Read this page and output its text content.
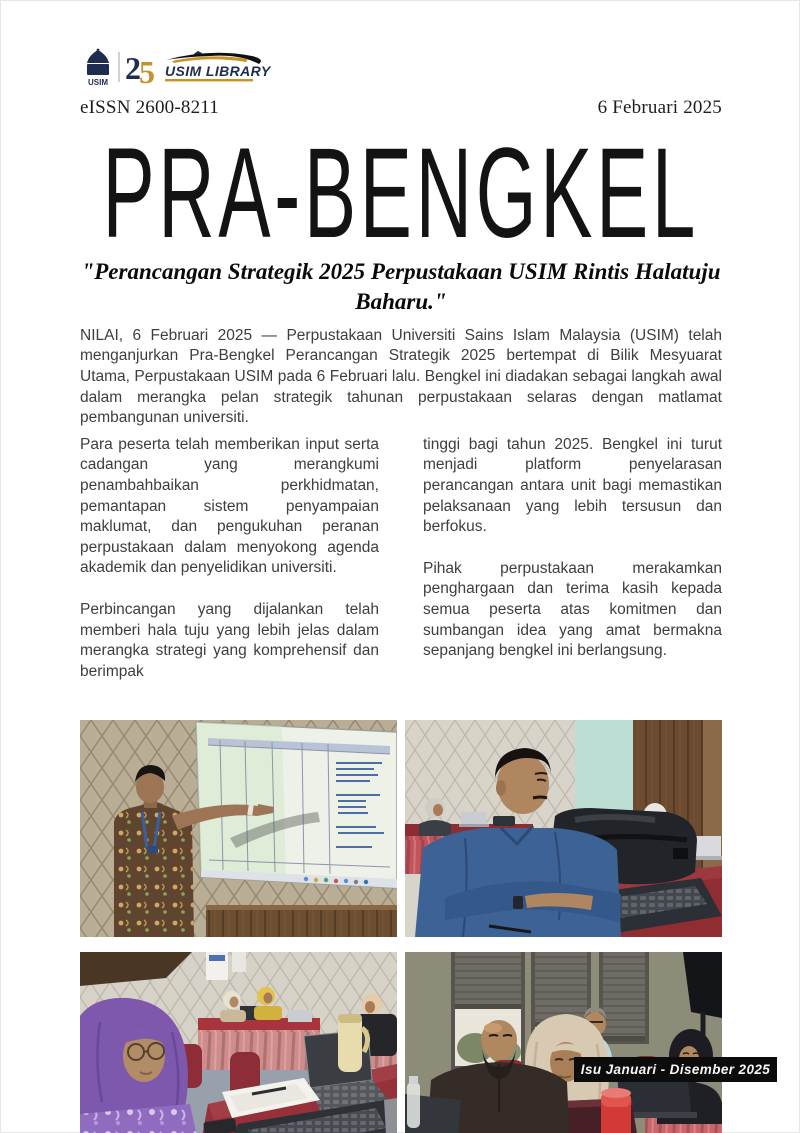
USIM 2
5 USIM LIBRARY
eISSN 2600-8211	6 Februari 2025
PRA-BENGKEL
"Perancangan Strategik 2025 Perpustakaan USIM Rintis Halatuju Baharu."

NILAI, 6 Februari 2025 — Perpustakaan Universiti Sains Islam Malaysia (USIM) telah menganjurkan Pra-Bengkel Perancangan Strategik 2025 bertempat di Bilik Mesyuarat Utama, Perpustakaan USIM pada 6 Februari lalu. Bengkel ini diadakan sebagai langkah awal dalam merangka pelan strategik tahunan perpustakaan selaras dengan matlamat pembangunan universiti.

Para peserta telah memberikan input serta cadangan yang merangkumi penambahbaikan perkhidmatan, pemantapan sistem penyampaian maklumat, dan pengukuhan peranan perpustakaan dalam menyokong agenda akademik dan penyelidikan universiti.

Perbincangan yang dijalankan telah memberi hala tuju yang lebih jelas dalam merangka strategi yang komprehensif dan berimpak

tinggi bagi tahun 2025. Bengkel ini turut menjadi platform penyelarasan perancangan antara unit bagi memastikan pelaksanaan yang lebih tersusun dan berfokus.

Pihak perpustakaan merakamkan penghargaan dan terima kasih kepada semua peserta atas komitmen dan sumbangan idea yang amat bermakna sepanjang bengkel ini berlangsung.

Isu Januari - Disember 2025
